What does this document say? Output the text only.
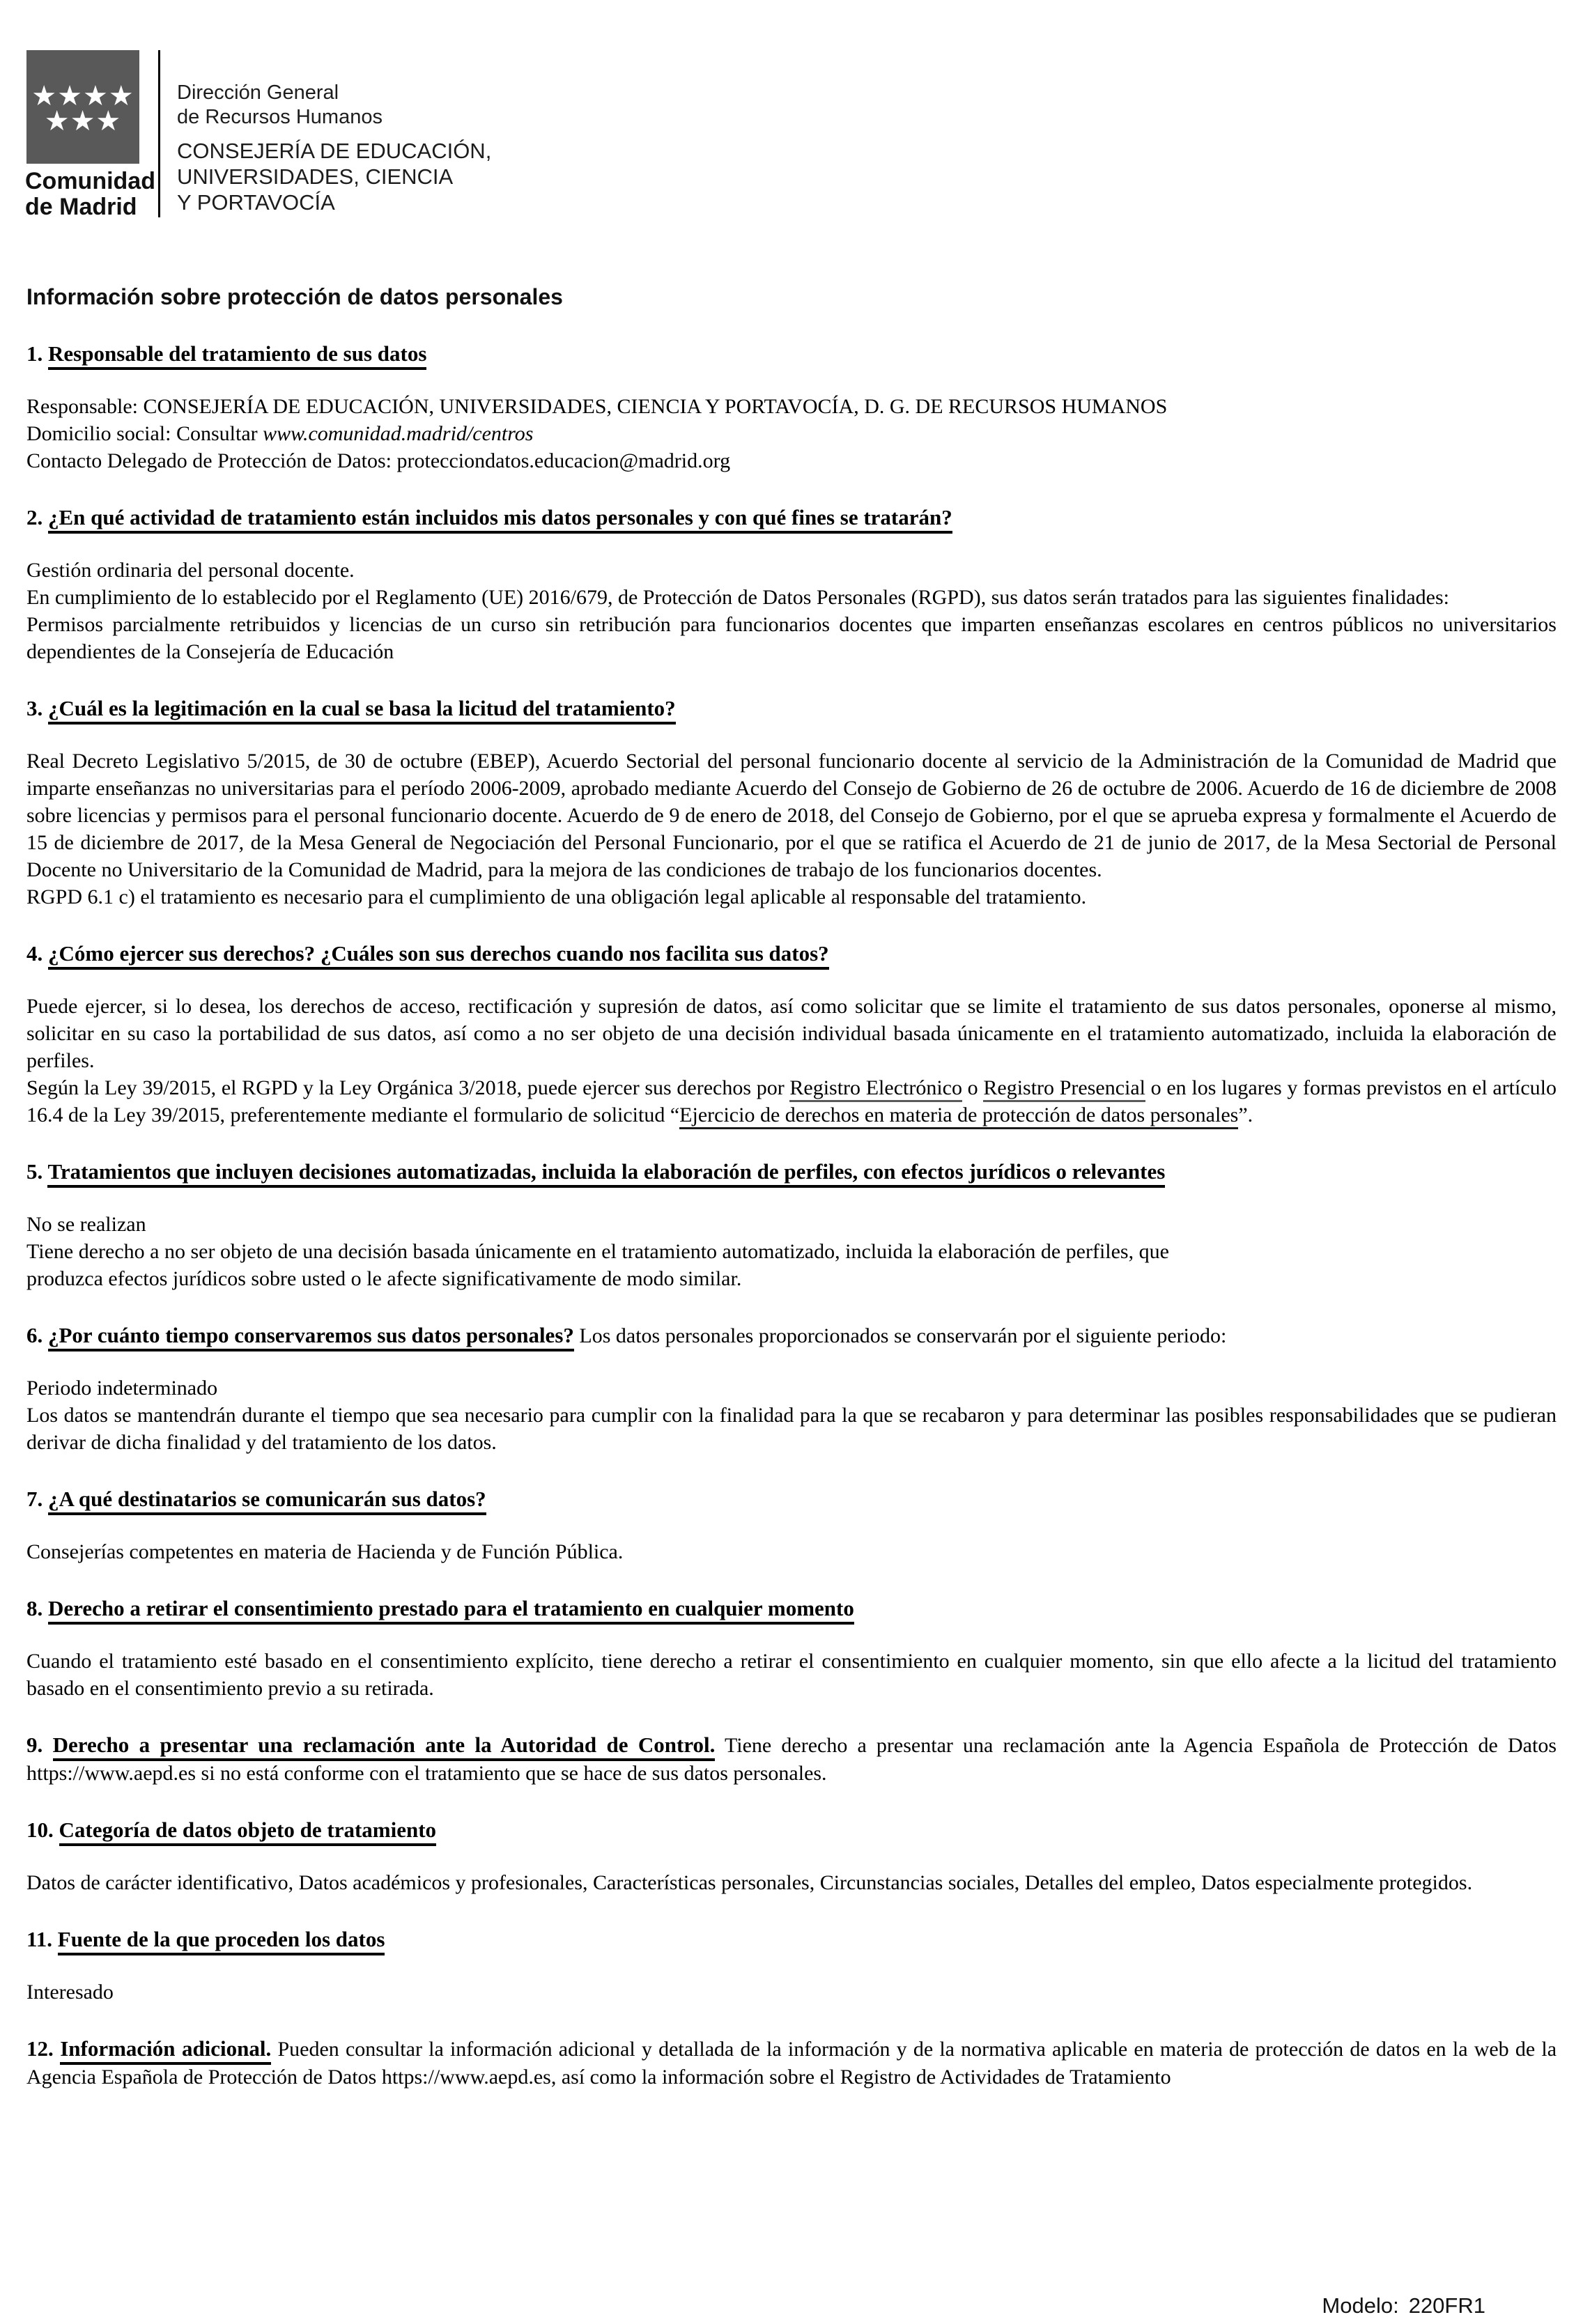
★★★★
★★★
Comunidad
de Madrid
Dirección General
de Recursos Humanos
CONSEJERÍA DE EDUCACIÓN,
UNIVERSIDADES, CIENCIA
Y PORTAVOCÍA
Información sobre protección de datos personales

1. Responsable del tratamiento de sus datos

Responsable: CONSEJERÍA DE EDUCACIÓN, UNIVERSIDADES, CIENCIA Y PORTAVOCÍA, D. G. DE RECURSOS HUMANOS

Domicilio social: Consultar www.comunidad.madrid/centros

Contacto Delegado de Protección de Datos: protecciondatos.educacion@madrid.org

2. ¿En qué actividad de tratamiento están incluidos mis datos personales y con qué fines se tratarán?

Gestión ordinaria del personal docente.

En cumplimiento de lo establecido por el Reglamento (UE) 2016/679, de Protección de Datos Personales (RGPD), sus datos serán tratados para las siguientes finalidades:

Permisos parcialmente retribuidos y licencias de un curso sin retribución para funcionarios docentes que imparten enseñanzas escolares en centros públicos no universitarios dependientes de la Consejería de Educación

3. ¿Cuál es la legitimación en la cual se basa la licitud del tratamiento?

Real Decreto Legislativo 5/2015, de 30 de octubre (EBEP), Acuerdo Sectorial del personal funcionario docente al servicio de la Administración de la Comunidad de Madrid que imparte enseñanzas no universitarias para el período 2006-2009, aprobado mediante Acuerdo del Consejo de Gobierno de 26 de octubre de 2006. Acuerdo de 16 de diciembre de 2008 sobre licencias y permisos para el personal funcionario docente. Acuerdo de 9 de enero de 2018, del Consejo de Gobierno, por el que se aprueba expresa y formalmente el Acuerdo de 15 de diciembre de 2017, de la Mesa General de Negociación del Personal Funcionario, por el que se ratifica el Acuerdo de 21 de junio de 2017, de la Mesa Sectorial de Personal Docente no Universitario de la Comunidad de Madrid, para la mejora de las condiciones de trabajo de los funcionarios docentes.

RGPD 6.1 c) el tratamiento es necesario para el cumplimiento de una obligación legal aplicable al responsable del tratamiento.

4. ¿Cómo ejercer sus derechos? ¿Cuáles son sus derechos cuando nos facilita sus datos?

Puede ejercer, si lo desea, los derechos de acceso, rectificación y supresión de datos, así como solicitar que se limite el tratamiento de sus datos personales, oponerse al mismo, solicitar en su caso la portabilidad de sus datos, así como a no ser objeto de una decisión individual basada únicamente en el tratamiento automatizado, incluida la elaboración de perfiles.

Según la Ley 39/2015, el RGPD y la Ley Orgánica 3/2018, puede ejercer sus derechos por Registro Electrónico o Registro Presencial o en los lugares y formas previstos en el artículo 16.4 de la Ley 39/2015, preferentemente mediante el formulario de solicitud “Ejercicio de derechos en materia de protección de datos personales”.

5. Tratamientos que incluyen decisiones automatizadas, incluida la elaboración de perfiles, con efectos jurídicos o relevantes

No se realizan

Tiene derecho a no ser objeto de una decisión basada únicamente en el tratamiento automatizado, incluida la elaboración de perfiles, que

produzca efectos jurídicos sobre usted o le afecte significativamente de modo similar.

6. ¿Por cuánto tiempo conservaremos sus datos personales? Los datos personales proporcionados se conservarán por el siguiente periodo:

Periodo indeterminado

Los datos se mantendrán durante el tiempo que sea necesario para cumplir con la finalidad para la que se recabaron y para determinar las posibles responsabilidades que se pudieran derivar de dicha finalidad y del tratamiento de los datos.

7. ¿A qué destinatarios se comunicarán sus datos?

Consejerías competentes en materia de Hacienda y de Función Pública.

8. Derecho a retirar el consentimiento prestado para el tratamiento en cualquier momento

Cuando el tratamiento esté basado en el consentimiento explícito, tiene derecho a retirar el consentimiento en cualquier momento, sin que ello afecte a la licitud del tratamiento basado en el consentimiento previo a su retirada.

9. Derecho a presentar una reclamación ante la Autoridad de Control. Tiene derecho a presentar una reclamación ante la Agencia Española de Protección de Datos https://www.aepd.es si no está conforme con el tratamiento que se hace de sus datos personales.

10. Categoría de datos objeto de tratamiento

Datos de carácter identificativo, Datos académicos y profesionales, Características personales, Circunstancias sociales, Detalles del empleo, Datos especialmente protegidos.

11. Fuente de la que proceden los datos

Interesado

12. Información adicional. Pueden consultar la información adicional y detallada de la información y de la normativa aplicable en materia de protección de datos en la web de la Agencia Española de Protección de Datos https://www.aepd.es, así como la información sobre el Registro de Actividades de Tratamiento

Modelo: 220FR1
